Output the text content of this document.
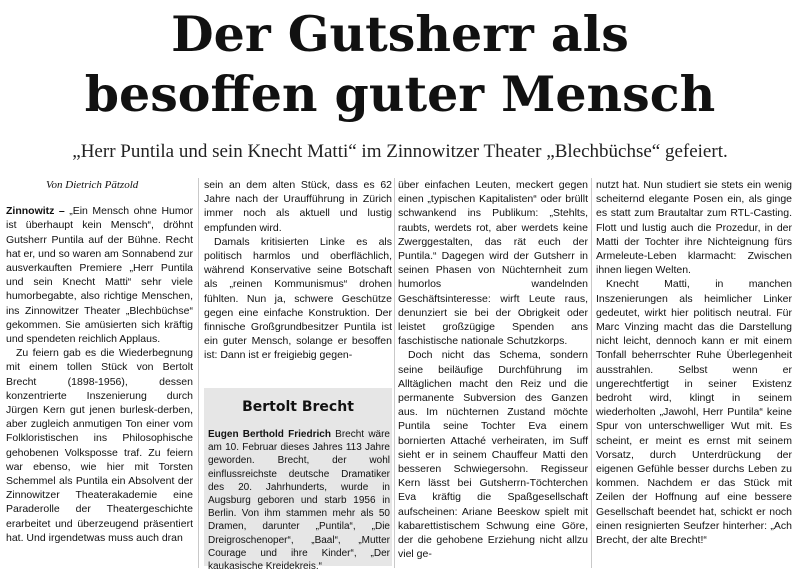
Der Gutsherr als
besoffen guter Mensch
„Herr Puntila und sein Knecht Matti“ im Zinnowitzer Theater „Blechbüchse“ gefeiert.
Von Dietrich Pätzold

Zinnowitz – „Ein Mensch ohne Humor ist überhaupt kein Mensch“, dröhnt Gutsherr Puntila auf der Bühne. Recht hat er, und so waren am Sonnabend zur ausverkauften Premiere „Herr Puntila und sein Knecht Matti“ sehr viele humorbegabte, also richtige Menschen, ins Zinnowitzer Theater „Blechbüchse“ gekommen. Sie amüsierten sich kräftig und spendeten reichlich Applaus.

Zu feiern gab es die Wiederbegnung mit einem tollen Stück von Bertolt Brecht (1898-1956), dessen konzentrierte Inszenierung durch Jürgen Kern gut jenen burlesk-derben, aber zugleich anmutigen Ton einer vom Folkloristischen ins Philosophische gehobenen Volksposse traf. Zu feiern war ebenso, wie hier mit Torsten Schemmel als Puntila ein Absolvent der Zinnowitzer Theaterakademie eine Paraderolle der Theatergeschichte erarbeitet und überzeugend präsentiert hat. Und irgendetwas muss auch dran

sein an dem alten Stück, dass es 62 Jahre nach der Uraufführung in Zürich immer noch als aktuell und lustig empfunden wird.

Damals kritisierten Linke es als politisch harmlos und oberflächlich, während Konservative seine Botschaft als „reinen Kommunismus“ drohen fühlten. Nun ja, schwere Geschütze gegen eine einfache Konstruktion. Der finnische Großgrundbesitzer Puntila ist ein guter Mensch, solange er besoffen ist: Dann ist er freigiebig gegen-

Bertolt Brecht

Eugen Berthold Friedrich Brecht wäre am 10. Februar dieses Jahres 113 Jahre geworden. Brecht, der wohl einflussreichste deutsche Dramatiker des 20. Jahrhunderts, wurde in Augsburg geboren und starb 1956 in Berlin. Von ihm stammen mehr als 50 Dramen, darunter „Puntila“, „Die Dreigroschenoper“, „Baal“, „Mutter Courage und ihre Kinder“, „Der kaukasische Kreidekreis.“

über einfachen Leuten, meckert gegen einen „typischen Kapitalisten“ oder brüllt schwankend ins Publikum: „Stehlts, raubts, werdets rot, aber werdets keine Zwerggestalten, das rät euch der Puntila.“ Dagegen wird der Gutsherr in seinen Phasen von Nüchternheit zum humorlos wandelnden Geschäftsinteresse: wirft Leute raus, denunziert sie bei der Obrigkeit oder leistet großzügige Spenden ans faschistische nationale Schutzkorps.

Doch nicht das Schema, sondern seine beiläufige Durchführung im Alltäglichen macht den Reiz und die permanente Subversion des Ganzen aus. Im nüchternen Zustand möchte Puntila seine Tochter Eva einem bornierten Attaché verheiraten, im Suff sieht er in seinem Chauffeur Matti den besseren Schwiegersohn. Regisseur Kern lässt bei Gutsherrn-Töchterchen Eva kräftig die Spaßgesellschaft aufscheinen: Ariane Beeskow spielt mit kabarettistischem Schwung eine Göre, der die gehobene Erziehung nicht allzu viel ge-

nutzt hat. Nun studiert sie stets ein wenig scheiternd elegante Posen ein, als ginge es statt zum Brautaltar zum RTL-Casting. Flott und lustig auch die Prozedur, in der Matti der Tochter ihre Nichteignung fürs Armeleute-Leben klarmacht: Zwischen ihnen liegen Welten.

Knecht Matti, in manchen Inszenierungen als heimlicher Linker gedeutet, wirkt hier politisch neutral. Für Marc Vinzing macht das die Darstellung nicht leicht, dennoch kann er mit einem Tonfall beherrschter Ruhe Überlegenheit ausstrahlen. Selbst wenn er ungerechtfertigt in seiner Existenz bedroht wird, klingt in seinem wiederholten „Jawohl, Herr Puntila“ keine Spur von unterschwelliger Wut mit. Es scheint, er meint es ernst mit seinem Vorsatz, durch Unterdrückung der eigenen Gefühle besser durchs Leben zu kommen. Nachdem er das Stück mit Zeilen der Hoffnung auf eine bessere Gesellschaft beendet hat, schickt er noch einen resignierten Seufzer hinterher: „Ach Brecht, der alte Brecht!“
